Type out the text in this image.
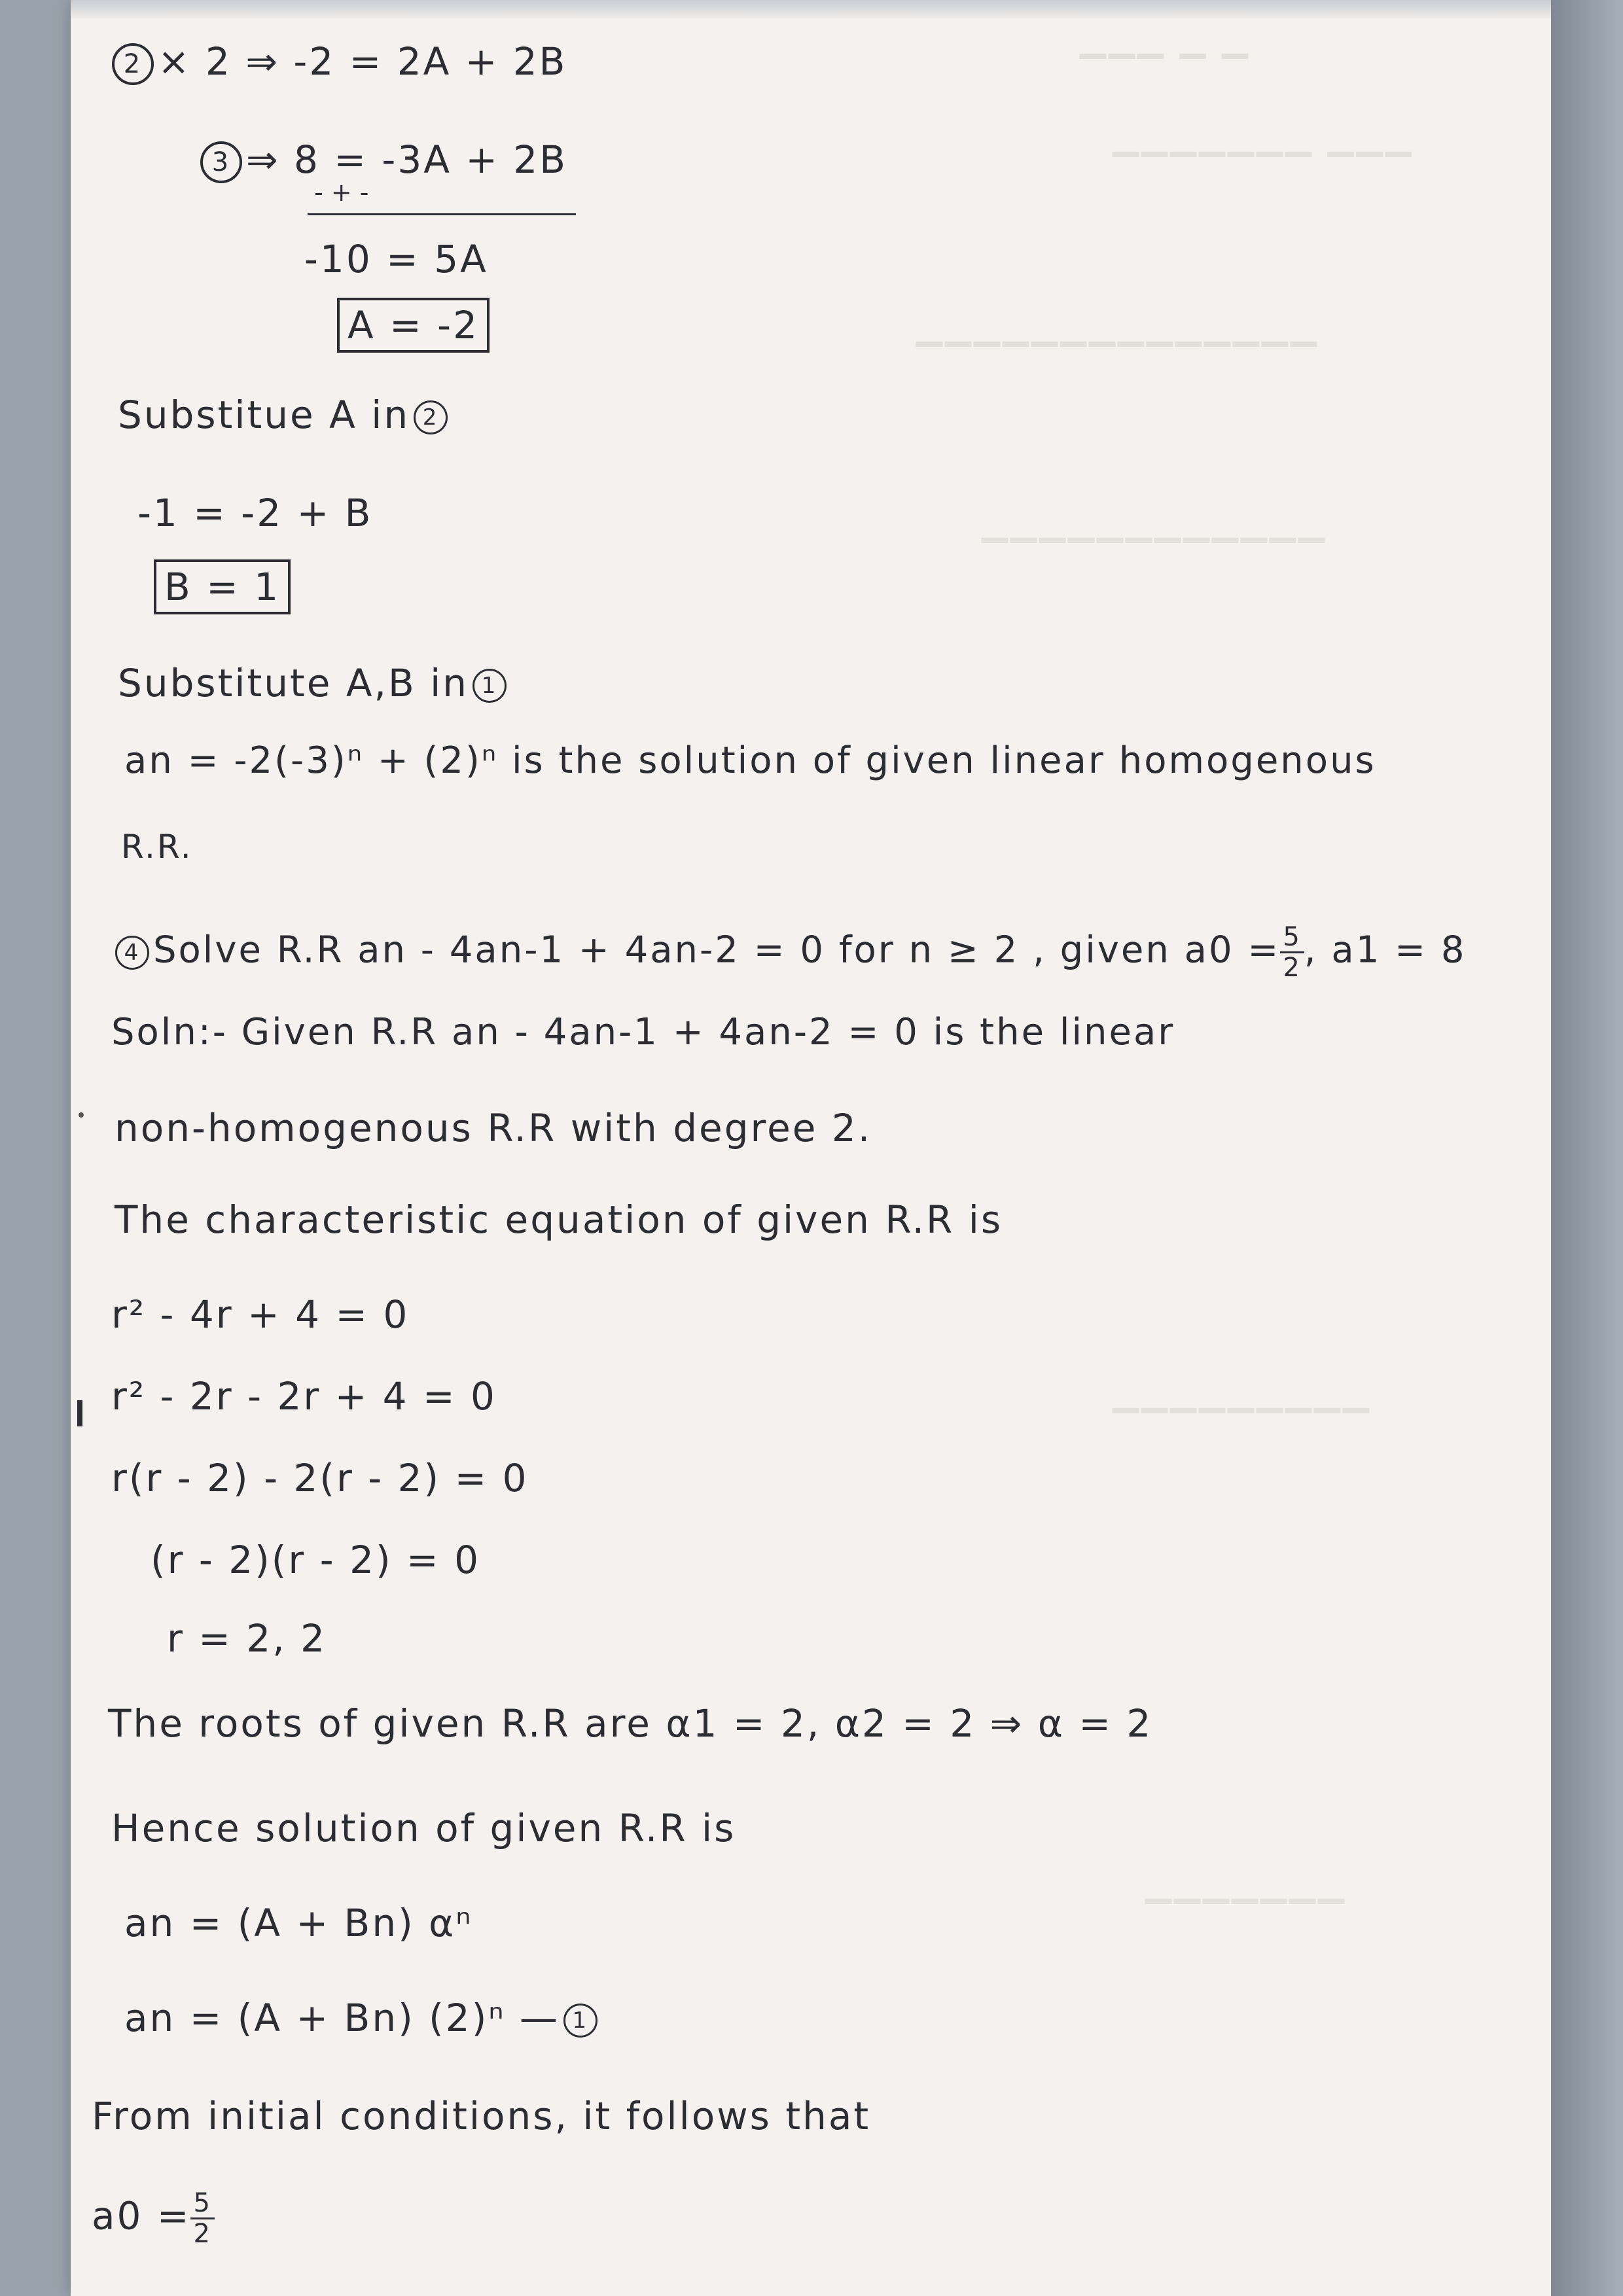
▁▁▁ ▁ ▁
▁▁▁▁▁▁▁ ▁▁▁
▁▁▁▁▁▁▁▁▁▁▁▁▁▁
▁▁▁▁▁▁▁▁▁▁▁▁
▁▁▁▁▁▁▁▁▁
▁▁▁▁▁▁▁
2 × 2 ⇒ -2 = 2A + 2B
3 ⇒ 8 = -3A + 2B
- + -
-10 = 5A
A = -2
Substitue A in 2
-1 = -2 + B
B = 1
Substitute A,B in 1
an = -2(-3)ⁿ + (2)ⁿ is the solution of given linear homogenous
R.R.
4 Solve R.R an - 4an-1 + 4an-2 = 0 for n ≥ 2 , given $a0 = \frac{5}{2}$ , a1 = 8
Soln:- Given R.R an - 4an-1 + 4an-2 = 0 is the linear
non-homogenous R.R with degree 2.
The characteristic equation of given R.R is
r² - 4r + 4 = 0
r² - 2r - 2r + 4 = 0
r(r - 2) - 2(r - 2) = 0
(r - 2)(r - 2) = 0
r = 2, 2
The roots of given R.R are α1 = 2, α2 = 2 ⇒ α = 2
Hence solution of given R.R is
an = (A + Bn) αⁿ
an = (A + Bn) (2)ⁿ — 1
From initial conditions, it follows that
$a0 = \frac{5}{2}$
